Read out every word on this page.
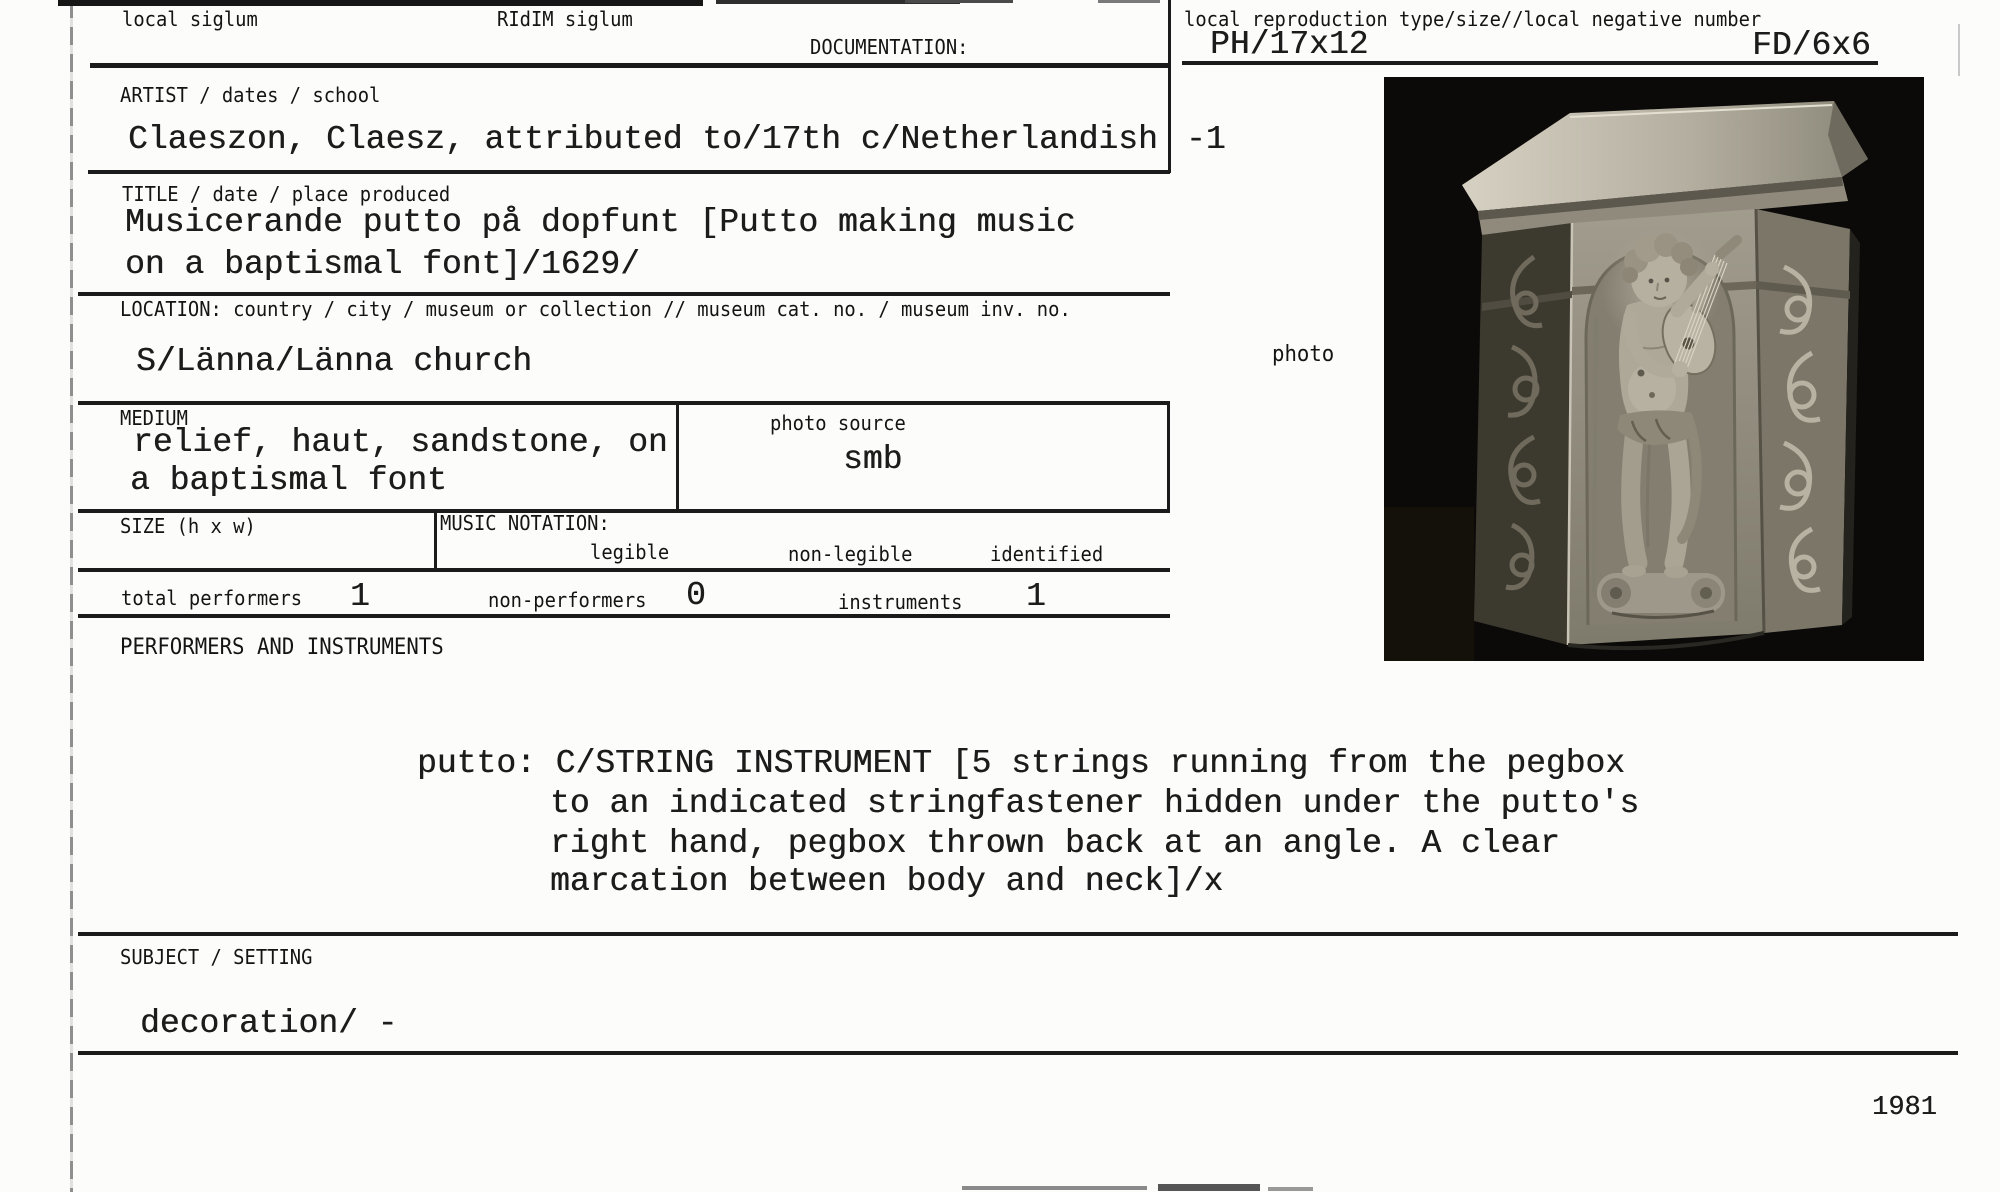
local siglum	RIdIM siglum
DOCUMENTATION:
local reproduction type/size//local negative number
PH/17x12	FD/6x6
ARTIST / dates / school
Claeszon, Claesz, attributed to/17th c/Netherlandish -1
TITLE / date / place produced
Musicerande putto på dopfunt [Putto making music
on a baptismal font]/1629/
LOCATION: country / city / museum or collection // museum cat. no. / museum inv. no.
S/Länna/Länna church
MEDIUM
relief, haut, sandstone, on
a baptismal font
photo source
smb
SIZE (h x w)	MUSIC NOTATION:
legible	non-legible	identified
total performers 1	non-performers 0	instruments 1
PERFORMERS AND INSTRUMENTS
putto: C/STRING INSTRUMENT [5 strings running from the pegbox
to an indicated stringfastener hidden under the putto's
right hand, pegbox thrown back at an angle. A clear
marcation between body and neck]/x
SUBJECT / SETTING
decoration/ -
1981
photo
